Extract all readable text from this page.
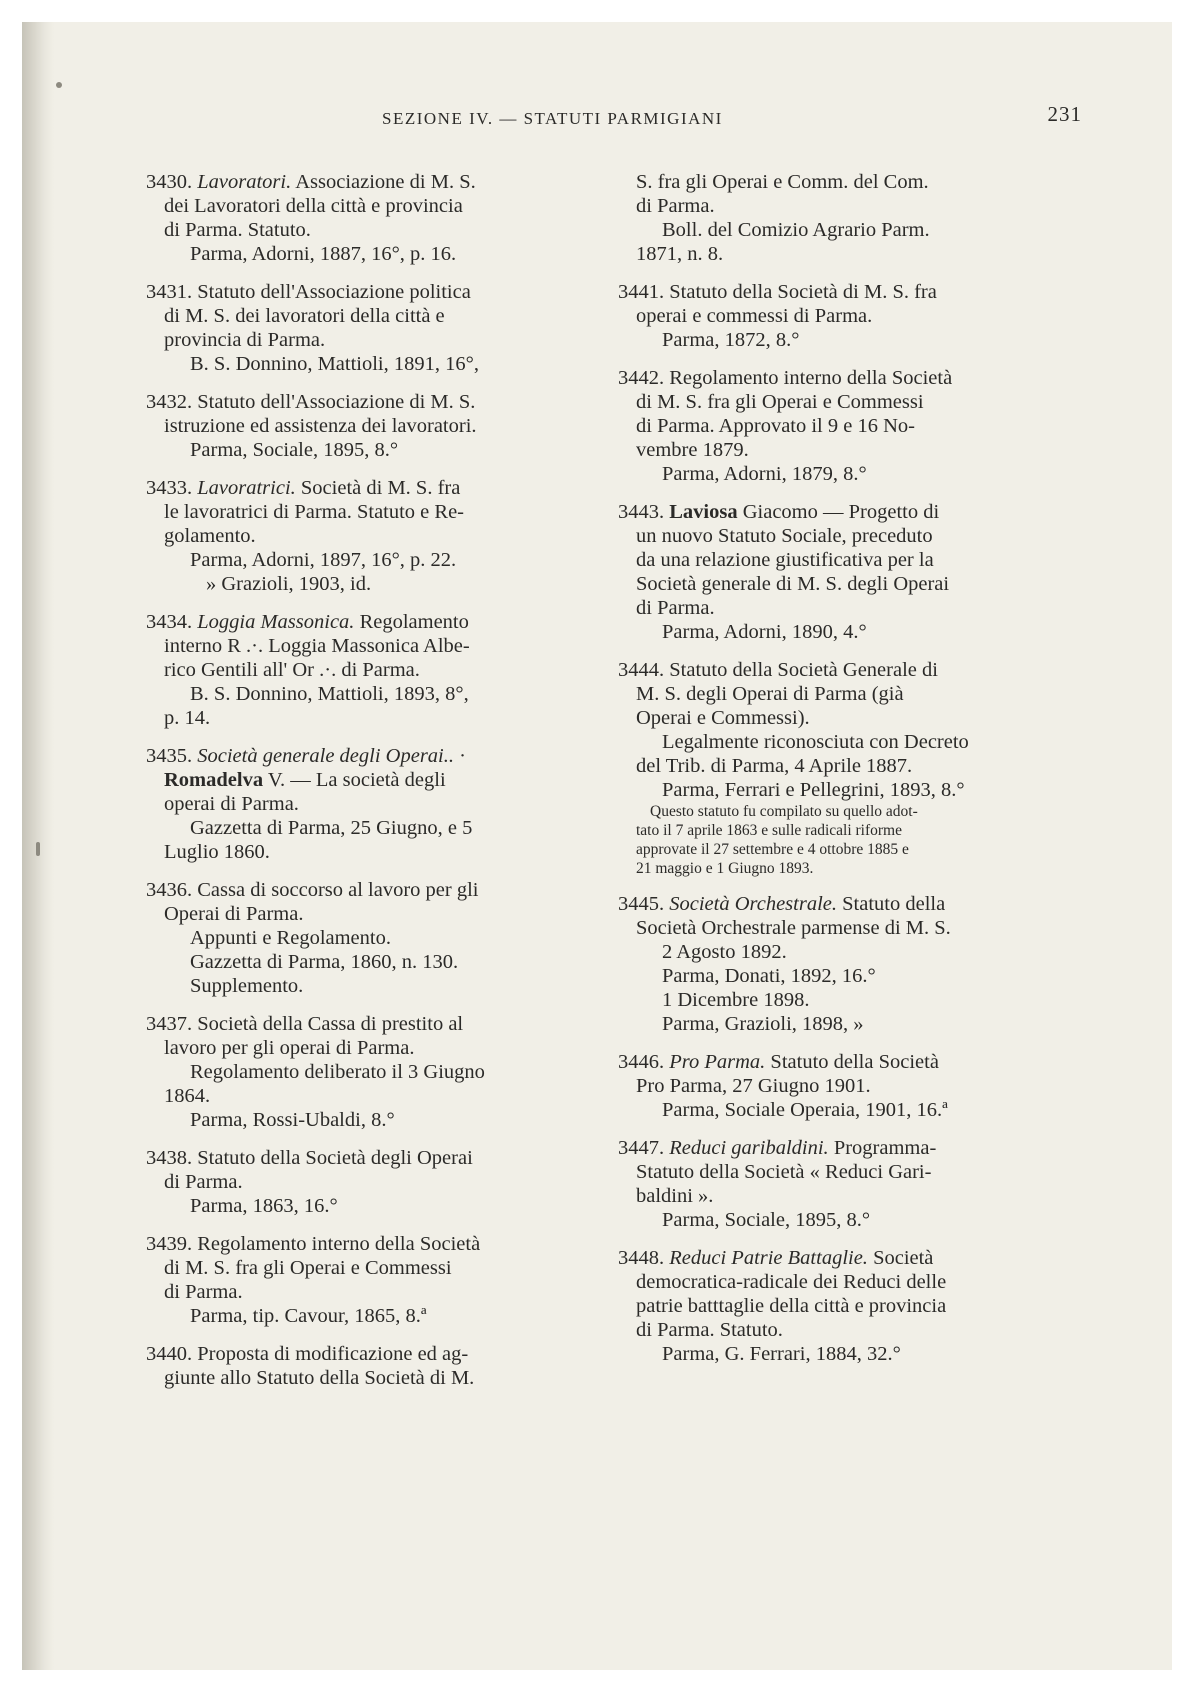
SEZIONE IV. — STATUTI PARMIGIANI	231
3430. Lavoratori. Associazione di M. S.
dei Lavoratori della città e provincia
di Parma. Statuto.
Parma, Adorni, 1887, 16°, p. 16.
3431. Statuto dell'Associazione politica
di M. S. dei lavoratori della città e
provincia di Parma.
B. S. Donnino, Mattioli, 1891, 16°,
3432. Statuto dell'Associazione di M. S.
istruzione ed assistenza dei lavoratori.
Parma, Sociale, 1895, 8.°
3433. Lavoratrici. Società di M. S. fra
le lavoratrici di Parma. Statuto e Re-
golamento.
Parma, Adorni, 1897, 16°, p. 22.
» Grazioli, 1903, id.
3434. Loggia Massonica. Regolamento
interno R .·. Loggia Massonica Albe-
rico Gentili all' Or .·. di Parma.
B. S. Donnino, Mattioli, 1893, 8°,
p. 14.
3435. Società generale degli Operai.. ·
Romadelva V. — La società degli
operai di Parma.
Gazzetta di Parma, 25 Giugno, e 5
Luglio 1860.
3436. Cassa di soccorso al lavoro per gli
Operai di Parma.
Appunti e Regolamento.
Gazzetta di Parma, 1860, n. 130.
Supplemento.
3437. Società della Cassa di prestito al
lavoro per gli operai di Parma.
Regolamento deliberato il 3 Giugno
1864.
Parma, Rossi-Ubaldi, 8.°
3438. Statuto della Società degli Operai
di Parma.
Parma, 1863, 16.°
3439. Regolamento interno della Società
di M. S. fra gli Operai e Commessi
di Parma.
Parma, tip. Cavour, 1865, 8.ª
3440. Proposta di modificazione ed ag-
giunte allo Statuto della Società di M.
S. fra gli Operai e Comm. del Com.
di Parma.
Boll. del Comizio Agrario Parm.
1871, n. 8.
3441. Statuto della Società di M. S. fra
operai e commessi di Parma.
Parma, 1872, 8.°
3442. Regolamento interno della Società
di M. S. fra gli Operai e Commessi
di Parma. Approvato il 9 e 16 No-
vembre 1879.
Parma, Adorni, 1879, 8.°
3443. Laviosa Giacomo — Progetto di
un nuovo Statuto Sociale, preceduto
da una relazione giustificativa per la
Società generale di M. S. degli Operai
di Parma.
Parma, Adorni, 1890, 4.°
3444. Statuto della Società Generale di
M. S. degli Operai di Parma (già
Operai e Commessi).
Legalmente riconosciuta con Decreto
del Trib. di Parma, 4 Aprile 1887.
Parma, Ferrari e Pellegrini, 1893, 8.°
Questo statuto fu compilato su quello adot-
tato il 7 aprile 1863 e sulle radicali riforme
approvate il 27 settembre e 4 ottobre 1885 e
21 maggio e 1 Giugno 1893.
3445. Società Orchestrale. Statuto della
Società Orchestrale parmense di M. S.
2 Agosto 1892.
Parma, Donati, 1892, 16.°
1 Dicembre 1898.
Parma, Grazioli, 1898, »
3446. Pro Parma. Statuto della Società
Pro Parma, 27 Giugno 1901.
Parma, Sociale Operaia, 1901, 16.ª
3447. Reduci garibaldini. Programma-
Statuto della Società « Reduci Gari-
baldini ».
Parma, Sociale, 1895, 8.°
3448. Reduci Patrie Battaglie. Società
democratica-radicale dei Reduci delle
patrie batttaglie della città e provincia
di Parma. Statuto.
Parma, G. Ferrari, 1884, 32.°
